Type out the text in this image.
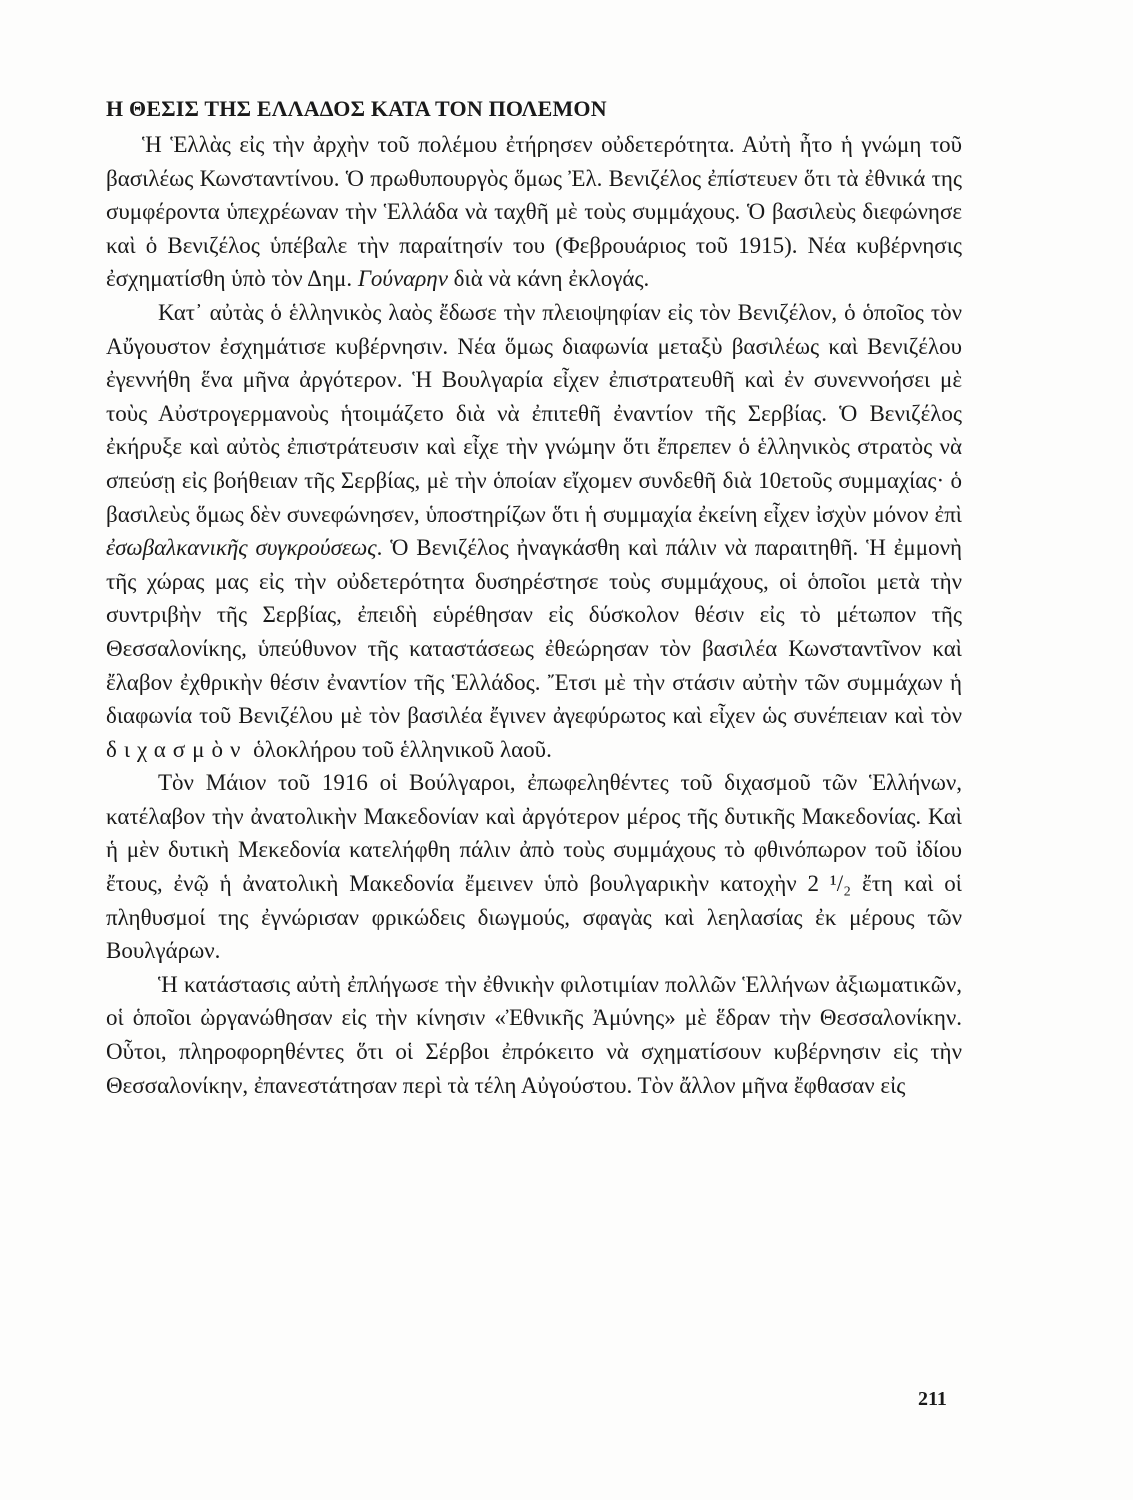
Η ΘΕΣΙΣ ΤΗΣ ΕΛΛΑΔΟΣ ΚΑΤΑ ΤΟΝ ΠΟΛΕΜΟΝ

Ἡ Ἑλλὰς εἰς τὴν ἀρχὴν τοῦ πολέμου ἐτήρησεν οὐδετερότητα. Αὐτὴ ἦτο ἡ γνώμη τοῦ βασιλέως Κωνσταντίνου. Ὁ πρωθυπουργὸς ὅμως Ἐλ. Βενιζέλος ἐπίστευεν ὅτι τὰ ἐθνικά της συμφέροντα ὑπεχρέωναν τὴν Ἑλλάδα νὰ ταχθῆ μὲ τοὺς συμμάχους. Ὁ βασιλεὺς διεφώνησε καὶ ὁ Βενιζέλος ὑπέβαλε τὴν παραίτησίν του (Φεβρουάριος τοῦ 1915). Νέα κυβέρνησις ἐσχηματίσθη ὑπὸ τὸν Δημ. Γούναρην διὰ νὰ κάνη ἐκλογάς.

Κατ᾽ αὐτὰς ὁ ἑλληνικὸς λαὸς ἔδωσε τὴν πλειοψηφίαν εἰς τὸν Βενιζέλον, ὁ ὁποῖος τὸν Αὔγουστον ἐσχημάτισε κυβέρνησιν. Νέα ὅμως διαφωνία μεταξὺ βασιλέως καὶ Βενιζέλου ἐγεννήθη ἕνα μῆνα ἀργότερον. Ἡ Βουλγαρία εἶχεν ἐπιστρατευθῆ καὶ ἐν συνεννοήσει μὲ τοὺς Αὐστρογερμανοὺς ἡτοιμάζετο διὰ νὰ ἐπιτεθῆ ἐναντίον τῆς Σερβίας. Ὁ Βενιζέλος ἐκήρυξε καὶ αὐτὸς ἐπιστράτευσιν καὶ εἶχε τὴν γνώμην ὅτι ἔπρεπεν ὁ ἑλληνικὸς στρατὸς νὰ σπεύσῃ εἰς βοήθειαν τῆς Σερβίας, μὲ τὴν ὁποίαν εἴχομεν συνδεθῆ διὰ 10ετοῦς συμμαχίας· ὁ βασιλεὺς ὅμως δὲν συνεφώνησεν, ὑποστηρίζων ὅτι ἡ συμμαχία ἐκείνη εἶχεν ἰσχὺν μόνον ἐπὶ ἐσωβαλκανικῆς συγκρούσεως. Ὁ Βενιζέλος ἠναγκάσθη καὶ πάλιν νὰ παραιτηθῆ. Ἡ ἐμμονὴ τῆς χώρας μας εἰς τὴν οὐδετερότητα δυσηρέστησε τοὺς συμμάχους, οἱ ὁποῖοι μετὰ τὴν συντριβὴν τῆς Σερβίας, ἐπειδὴ εὑρέθησαν εἰς δύσκολον θέσιν εἰς τὸ μέτωπον τῆς Θεσσαλονίκης, ὑπεύθυνον τῆς καταστάσεως ἐθεώρησαν τὸν βασιλέα Κωνσταντῖνον καὶ ἔλαβον ἐχθρικὴν θέσιν ἐναντίον τῆς Ἑλλάδος. Ἔτσι μὲ τὴν στάσιν αὐτὴν τῶν συμμάχων ἡ διαφωνία τοῦ Βενιζέλου μὲ τὸν βασιλέα ἔγινεν ἀγεφύρωτος καὶ εἶχεν ὡς συνέπειαν καὶ τὸν διχασμὸν ὁλοκλήρου τοῦ ἑλληνικοῦ λαοῦ.

Τὸν Μάιον τοῦ 1916 οἱ Βούλγαροι, ἐπωφεληθέντες τοῦ διχασμοῦ τῶν Ἑλλήνων, κατέλαβον τὴν ἀνατολικὴν Μακεδονίαν καὶ ἀργότερον μέρος τῆς δυτικῆς Μακεδονίας. Καὶ ἡ μὲν δυτικὴ Μεκεδονία κατελήφθη πάλιν ἀπὸ τοὺς συμμάχους τὸ φθινόπωρον τοῦ ἰδίου ἔτους, ἐνῷ ἡ ἀνατολικὴ Μακεδονία ἔμεινεν ὑπὸ βουλγαρικὴν κατοχὴν 2 ¹/₂ ἔτη καὶ οἱ πληθυσμοί της ἐγνώρισαν φρικώδεις διωγμούς, σφαγὰς καὶ λεηλασίας ἐκ μέρους τῶν Βουλγάρων.

Ἡ κατάστασις αὐτὴ ἐπλήγωσε τὴν ἐθνικὴν φιλοτιμίαν πολλῶν Ἑλλήνων ἀξιωματικῶν, οἱ ὁποῖοι ὠργανώθησαν εἰς τὴν κίνησιν «Ἐθνικῆς Ἀμύνης» μὲ ἕδραν τὴν Θεσσαλονίκην. Οὗτοι, πληροφορηθέντες ὅτι οἱ Σέρβοι ἐπρόκειτο νὰ σχηματίσουν κυβέρνησιν εἰς τὴν Θεσσαλονίκην, ἐπανεστάτησαν περὶ τὰ τέλη Αὐγούστου. Τὸν ἄλλον μῆνα ἔφθασαν εἰς

211
